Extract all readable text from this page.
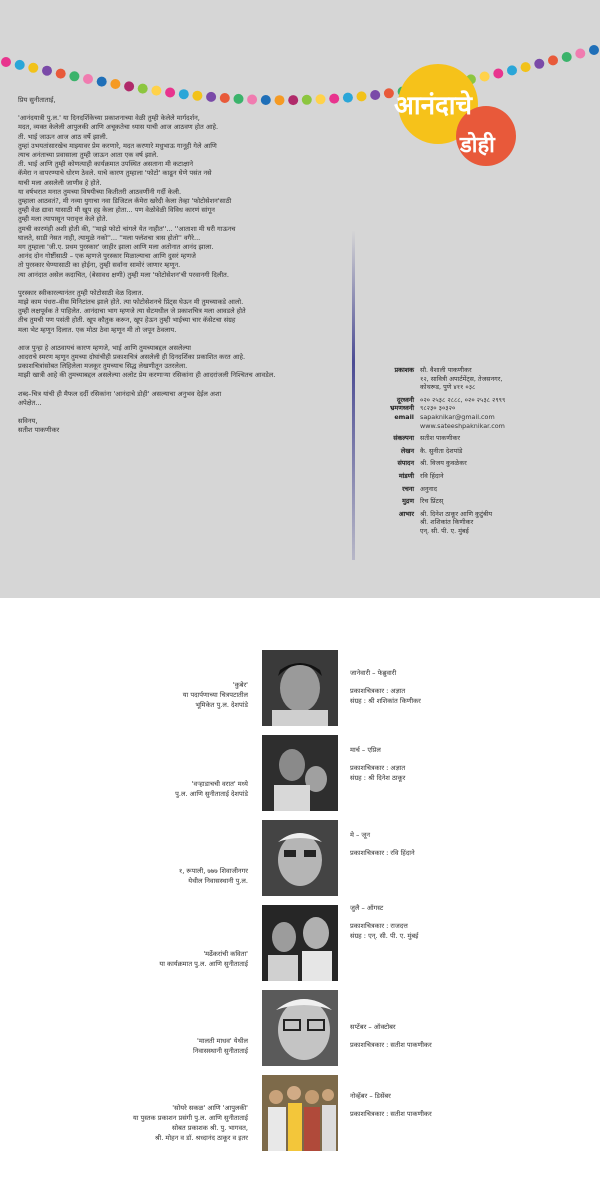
आनंदाचे
डोही

प्रिय सुनीताताई,

'आनंदयात्री पु.ल.' या दिनदर्शिकेच्या प्रकाशनाच्या वेळी तुम्ही केलेले मार्गदर्शन,

मदत, व्यक्त केलेली आपुलकी आणि अचूकतेचा ध्यास याची आज आठवण होत आहे.

ती. भाई जाऊन आज आठ वर्षे झाली.

तुम्हां उभयतांसारखेच माझ्यावर प्रेम करणारे, मदत करणारे मधुभाऊ गानूही गेले आणि

त्याच अनंताच्या प्रवासाला तुम्ही जाऊन आता एक वर्ष झाले.

ती. भाई आणि तुम्ही कोणत्याही कार्यक्रमात उपस्थित असताना मी कटाक्षाने

कॅमेरा न वापरण्याचे धोरण ठेवले. याचे कारण तुम्हाला 'फोटो' काढून घेणे पसंत नसे

याची मला असलेली जाणीव हे होते.

या वर्षभरात मनात तुमच्या विषयीच्या कितीतरी आठवणींनी गर्दी केली.

तुम्हाला आठवतं?, मी नव्या युगाचा नवा डिजिटल कॅमेरा खरेदी केला तेव्हा 'फोटोसेशन'साठी

तुम्ही वेळ द्यावा यासाठी मी खूप हट्ट केला होता... पण वेळोवेळी विविध कारणं सांगून

तुम्ही मला त्यापासून परावृत्त केले होते.

तुमची कारणंही अशी होती की, ''माझे फोटो चांगले येत नाहीत''... ''आताशा मी घरी गाऊनच

घालते, साडी नेसत नाही, त्यामुळे नको''... ''मला फ्लॅशचा त्रास होतो'' वगैरे...

मग तुम्हाला 'जी.ए. प्रथम पुरस्कार' जाहीर झाला आणि मला अतोनात आनंद झाला.

आनंद दोन गोष्टींसाठी – एक म्हणजे पुरस्कार मिळाल्याचा आणि दुसरं म्हणजे

तो पुरस्कार घेण्यासाठी का होईना, तुम्ही सर्वांना सामोरं जाणार म्हणून.

त्या आनंदात असेल कदाचित, (बेसावध क्षणी) तुम्ही मला 'फोटोसेशन'ची परवानगी दिलीत.

पुरस्कार स्वीकारल्यानंतर तुम्ही फोटोसाठी वेळ दिलात.

माझे काम पंधरा–वीस मिनिटांतच झाले होते. त्या फोटोसेशनचे प्रिंट्स घेऊन मी तुमच्याकडे आलो.

तुम्ही लक्षपूर्वक ते पाहिलेत. आनंदाचा भाग म्हणजे त्या सेटमधील जे प्रकाशचित्र मला आवडले होते

तीच तुमची पण पसंती होती. खूप कौतुक करून, खूप हेऊन तुम्ही भाईच्या चार कॅसेटचा संग्रह

मला भेट म्हणून दिलात. एक मोठा ठेवा म्हणून मी तो जपून ठेवलाय.

आज पुन्हा हे आठवायचं कारण म्हणजे, भाई आणि तुमच्याबद्दल असलेल्या

आदराचे स्मरण म्हणून तुमच्या दोघांचीही प्रकाशचित्रं असलेली ही दिनदर्शिका प्रकाशित करत आहे.

प्रकाशचित्रांसोबत लिहिलेला मजकूर तुमच्याच सिद्ध लेखणीतून उतरलेला.

माझी खात्री आहे की तुमच्याबद्दल असलेल्या अलोट प्रेम करणाऱ्या रसिकांना ही आदरांजली निश्चितच आवडेल.

शब्द–चित्र यांची ही मैफल दर्दी रसिकांना 'आनंदाचे डोही' असल्याचा अनुभव देईल अशा

अपेक्षेत...

सविनय,

सतीश पाकणीकर

प्रकाशक सौ. वैशाली पाकणीकर
१२, सावित्री अपार्टमेंट्स, तेजसनगर,
कोथरूड, पुणे ४११ ०३८
दूरध्वनी ०२० २५३८ २८८८, ०२० २५३८ २९९९
भ्रमणध्वनी ९८२३० ३०३२०
email sapaknikar@gmail.com
www.sateeshpaknikar.com
संकल्पना सतीश पाकणीकर
लेखन कै. सुनीता देशपांडे
संपादन श्री. विजय कुवळेकर
मांडणी रवि हिंदाने
रचना अनुनाद
मुद्रण रिच प्रिंटस्
आभार श्री. दिनेश ठाकूर आणि कुटुंबीय
श्री. शशिकांत किणीकर
एन्. सी. पी. ए. मुंबई
'कुबेर'
या पदार्पणाच्या चित्रपटातील
भूमिकेत पु.ल. देशपांडे
जानेवारी – फेब्रुवारी
प्रकाशचित्रकार : अज्ञात
संग्रह : श्री शशिकांत किणीकर
'वऱ्हाडाचची वरात' मध्ये
पु.ल. आणि सुनीताताई देशपांडे
मार्च – एप्रिल
प्रकाशचित्रकार : अज्ञात
संग्रह : श्री दिनेश ठाकूर
१, रूपाली, ७७७ शिवाजीनगर
येथील निवासस्थानी पु.ल.
मे – जून
प्रकाशचित्रकार : रवि हिंदाने
'मर्ढेकरांची कविता'
या कार्यक्रमात पु.ल. आणि सुनीताताई
जुलै – ऑगस्ट
प्रकाशचित्रकार : राजदत्त
संग्रह : एन्. सी. पी. ए. मुंबई
'मालती माधव' येथील
निवासस्थानी सुनीताताई
सप्टेंबर – ऑक्टोबर
प्रकाशचित्रकार : सतीश पाकणीकर
'सोयरे सकळ' आणि 'आपुलकी'
या पुस्तक प्रकाशन प्रसंगी पु.ल. आणि सुनीताताई
सोबत प्रकाशक श्री. पु. भागवत,
श्री. मोहन व डॉ. श्रध्दानंद ठाकूर व इतर
नोव्हेंबर – डिसेंबर
प्रकाशचित्रकार : सतीश पाकणीकर
